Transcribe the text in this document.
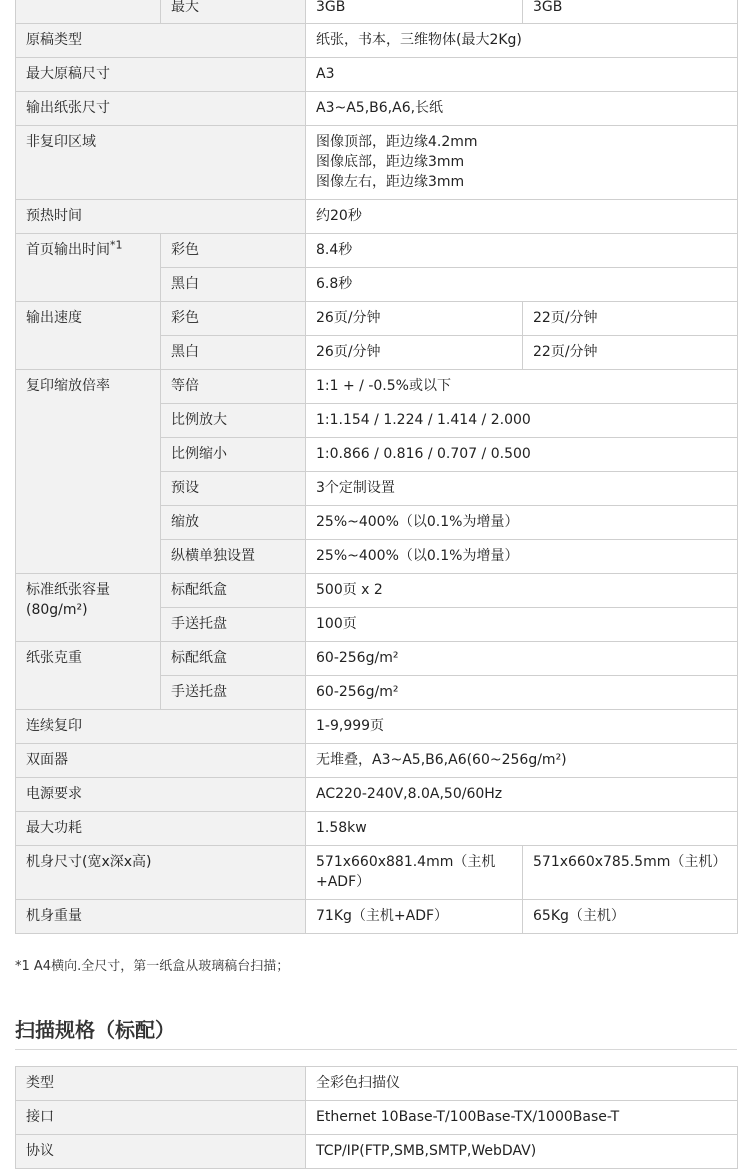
	最大	3GB	3GB
原稿类型		纸张，书本，三维物体(最大2Kg)	
最大原稿尺寸		A3	
输出纸张尺寸		A3~A5,B6,A6,长纸	
非复印区域		图像顶部，距边缘4.2mm
图像底部，距边缘3mm
图像左右，距边缘3mm	

预热时间		约20秒	
首页输出时间$^{*1}$	彩色	8.4秒	
	黑白	6.8秒	
输出速度	彩色	26页/分钟	22页/分钟
	黑白	26页/分钟	22页/分钟
复印缩放倍率	等倍	1:1 + / -0.5%或以下	
	比例放大	1:1.154 / 1.224 / 1.414 / 2.000	
	比例缩小	1:0.866 / 0.816 / 0.707 / 0.500	
	预设	3个定制设置	
	缩放	25%~400%（以0.1%为增量）	
	纵横单独设置	25%~400%（以0.1%为增量）	

标准纸张容量
(80g/m²)	标配纸盒	500页 x 2	
	手送托盘	100页	
纸张克重	标配纸盒	60-256g/m²	
	手送托盘	60-256g/m²	
连续复印		1-9,999页	
双面器		无堆叠，A3~A5,B6,A6(60~256g/m²)	
电源要求		AC220-240V,8.0A,50/60Hz	
最大功耗		1.58kw	
机身尺寸(宽x深x高)		571x660x881.4mm（主机+ADF）	571x660x785.5mm（主机）
机身重量		71Kg（主机+ADF）	65Kg（主机）
*1 A4横向.全尺寸，第一纸盒从玻璃稿台扫描；
扫描规格（标配）
类型	全彩色扫描仪
接口	Ethernet 10Base-T/100Base-TX/1000Base-T
协议	TCP/IP(FTP,SMB,SMTP,WebDAV)
